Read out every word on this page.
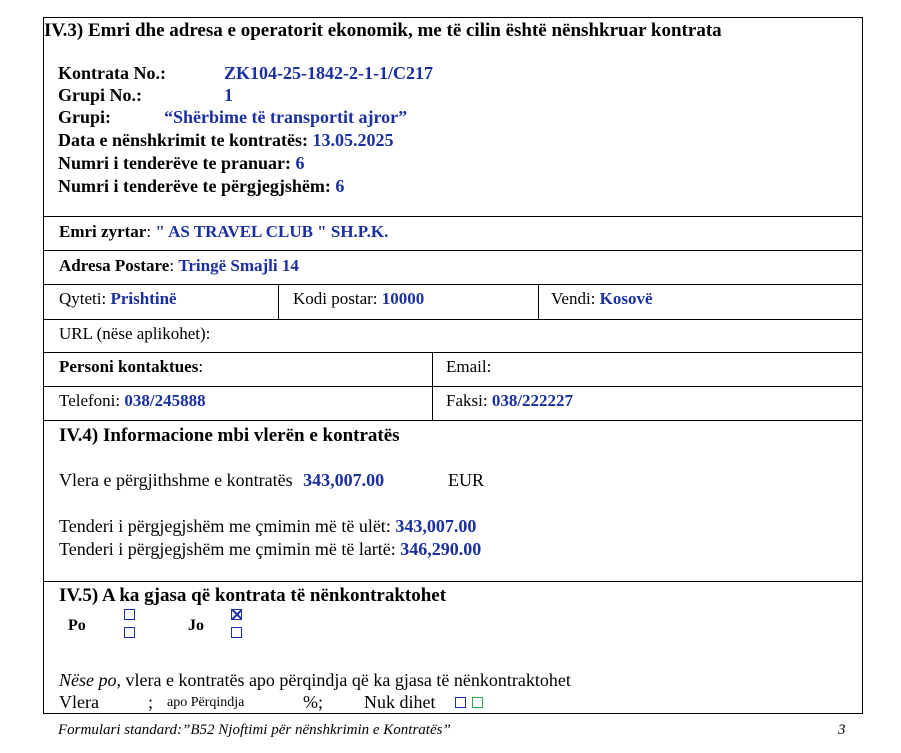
IV.3) Emri dhe adresa e operatorit ekonomik, me të cilin është nënshkruar kontrata
Kontrata No.:	ZK104-25-1842-2-1-1/C217
Grupi No.:	1
Grupi:	“Shërbime të transportit ajror”
Data e nënshkrimit te kontratës: 13.05.2025
Numri i tenderëve te pranuar: 6
Numri i tenderëve te përgjegjshëm: 6
Emri zyrtar: " AS TRAVEL CLUB " SH.P.K.
Adresa Postare: Tringë Smajli 14
Qyteti: Prishtinë	Kodi postar: 10000	Vendi: Kosovë
URL (nëse aplikohet):
Personi kontaktues:	Email:
Telefoni: 038/245888	Faksi: 038/222227
IV.4) Informacione mbi vlerën e kontratës
Vlera e përgjithshme e kontratës 343,007.00	EUR
Tenderi i përgjegjshëm me çmimin më të ulët: 343,007.00
Tenderi i përgjegjshëm me çmimin më të lartë: 346,290.00
IV.5) A ka gjasa që kontrata të nënkontraktohet
Po	Jo
Nëse po, vlera e kontratës apo përqindja që ka gjasa të nënkontraktohet
Vlera	; apo Përqindja	%; Nuk dihet
Formulari standard:”B52 Njoftimi për nënshkrimin e Kontratës”	3
